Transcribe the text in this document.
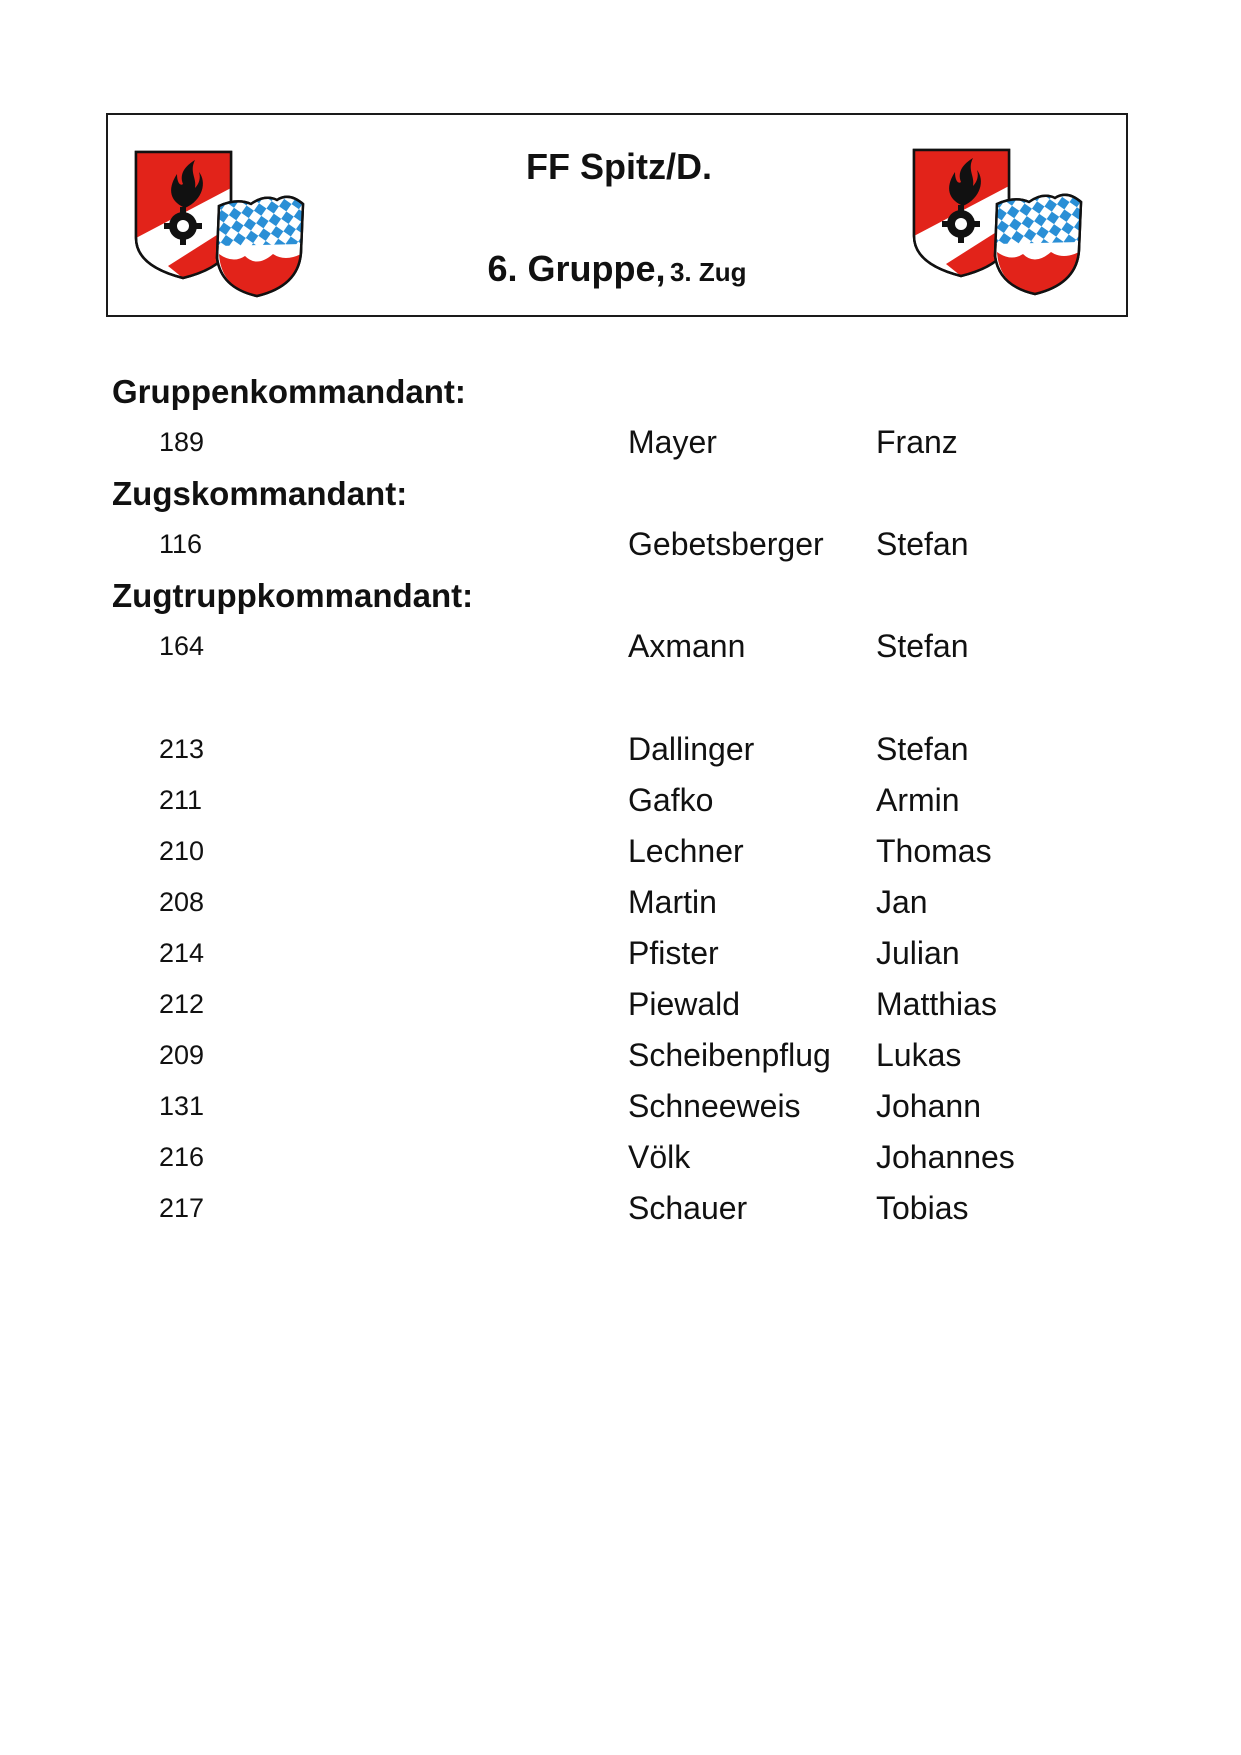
FF Spitz/D.
6. Gruppe, 3. Zug
Gruppenkommandant:
189	Mayer	Franz
Zugskommandant:
116	Gebetsberger Stefan
Zugtruppkommandant:
164	Axmann	Stefan
213	Dallinger	Stefan
211	Gafko	Armin
210	Lechner	Thomas
208	Martin	Jan
214	Pfister	Julian
212	Piewald	Matthias
209	Scheibenpflug Lukas
131	Schneeweis Johann
216	Völk	Johannes
217	Schauer	Tobias
